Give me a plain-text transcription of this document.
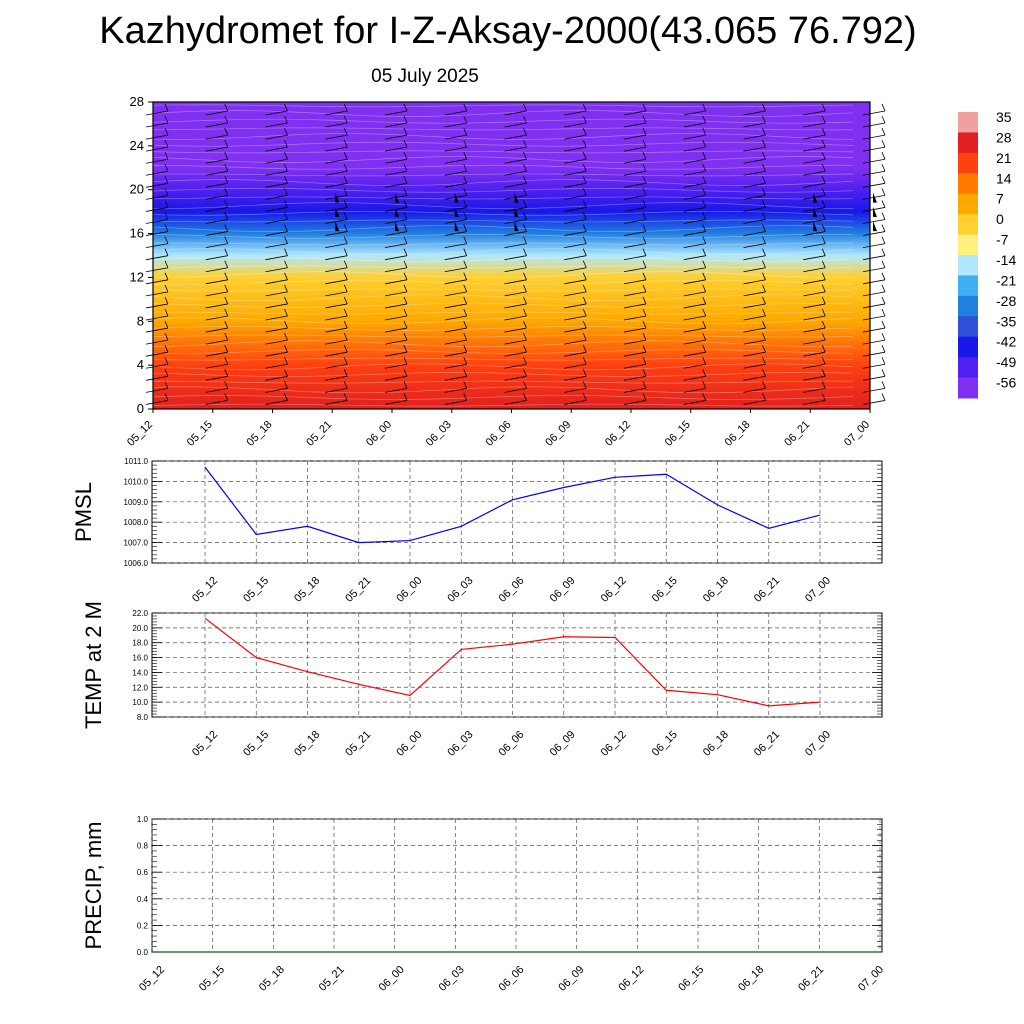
Kazhydromet for I-Z-Aksay-2000(43.065 76.792)
05 July 2025
0
4
8
12
16
20
24
28
05_12	05_15	05_18	05_21	06_00	06_03	06_06	06_09	06_12	06_15	06_18	06_21	07_00
35
28
21
14
7
0
-7
-14
-21
-28
-35
-42
-49
-56
1006.0
1007.0
1008.0
1009.0
1010.0
1011.0
05_12 05_15 05_18 05_21 06_00 06_03 06_06 06_09 06_12 06_15 06_18 06_21 07_00
PMSL
8.0
10.0
12.0
14.0
16.0
18.0
20.0
22.0
05_12 05_15 05_18 05_21 06_00 06_03 06_06 06_09 06_12 06_15 06_18 06_21 07_00
TEMP at 2 M
0.0
0.2
0.4
0.6
0.8
1.0
05_12	05_15	05_18	05_21	06_00	06_03	06_06	06_09	06_12	06_15	06_18	06_21	07_00
PRECIP, mm
